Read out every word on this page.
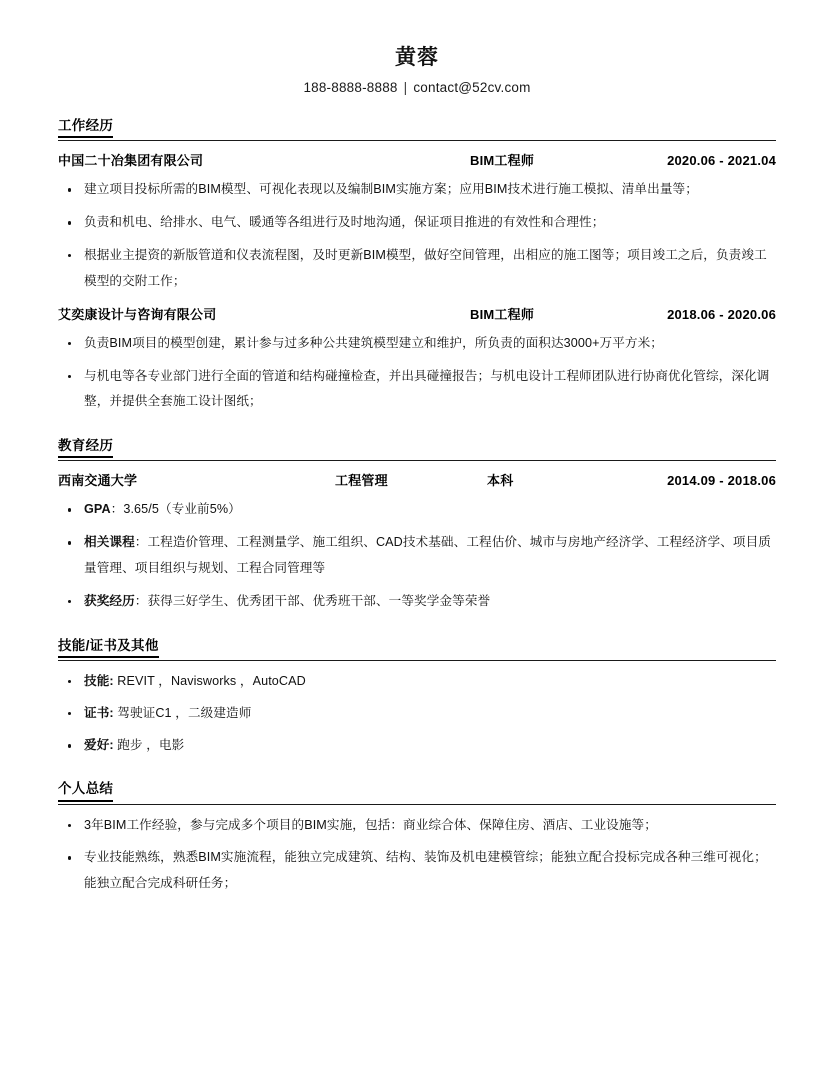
黄蓉
188-8888-8888 | contact@52cv.com
工作经历
中国二十冶集团有限公司	BIM工程师	2020.06 - 2021.04
建立项目投标所需的BIM模型、可视化表现以及编制BIM实施方案；应用BIM技术进行施工模拟、清单出量等；
负责和机电、给排水、电气、暖通等各组进行及时地沟通，保证项目推进的有效性和合理性；
根据业主提资的新版管道和仪表流程图，及时更新BIM模型，做好空间管理，出相应的施工图等；项目竣工之后，负责竣工模型的交附工作；
艾奕康设计与咨询有限公司	BIM工程师	2018.06 - 2020.06
负责BIM项目的模型创建，累计参与过多种公共建筑模型建立和维护，所负责的面积达3000+万平方米；
与机电等各专业部门进行全面的管道和结构碰撞检查，并出具碰撞报告；与机电设计工程师团队进行协商优化管综，深化调整，并提供全套施工设计图纸；
教育经历
西南交通大学	工程管理	本科	2014.09 - 2018.06
GPA：3.65/5（专业前5%）
相关课程：工程造价管理、工程测量学、施工组织、CAD技术基础、工程估价、城市与房地产经济学、工程经济学、项目质量管理、项目组织与规划、工程合同管理等
获奖经历：获得三好学生、优秀团干部、优秀班干部、一等奖学金等荣誉
技能/证书及其他
技能: REVIT ，Navisworks ，AutoCAD
证书: 驾驶证C1 ，二级建造师
爱好: 跑步 ，电影
个人总结
3年BIM工作经验，参与完成多个项目的BIM实施，包括：商业综合体、保障住房、酒店、工业设施等；
专业技能熟练，熟悉BIM实施流程，能独立完成建筑、结构、装饰及机电建模管综；能独立配合投标完成各种三维可视化；能独立配合完成科研任务；
